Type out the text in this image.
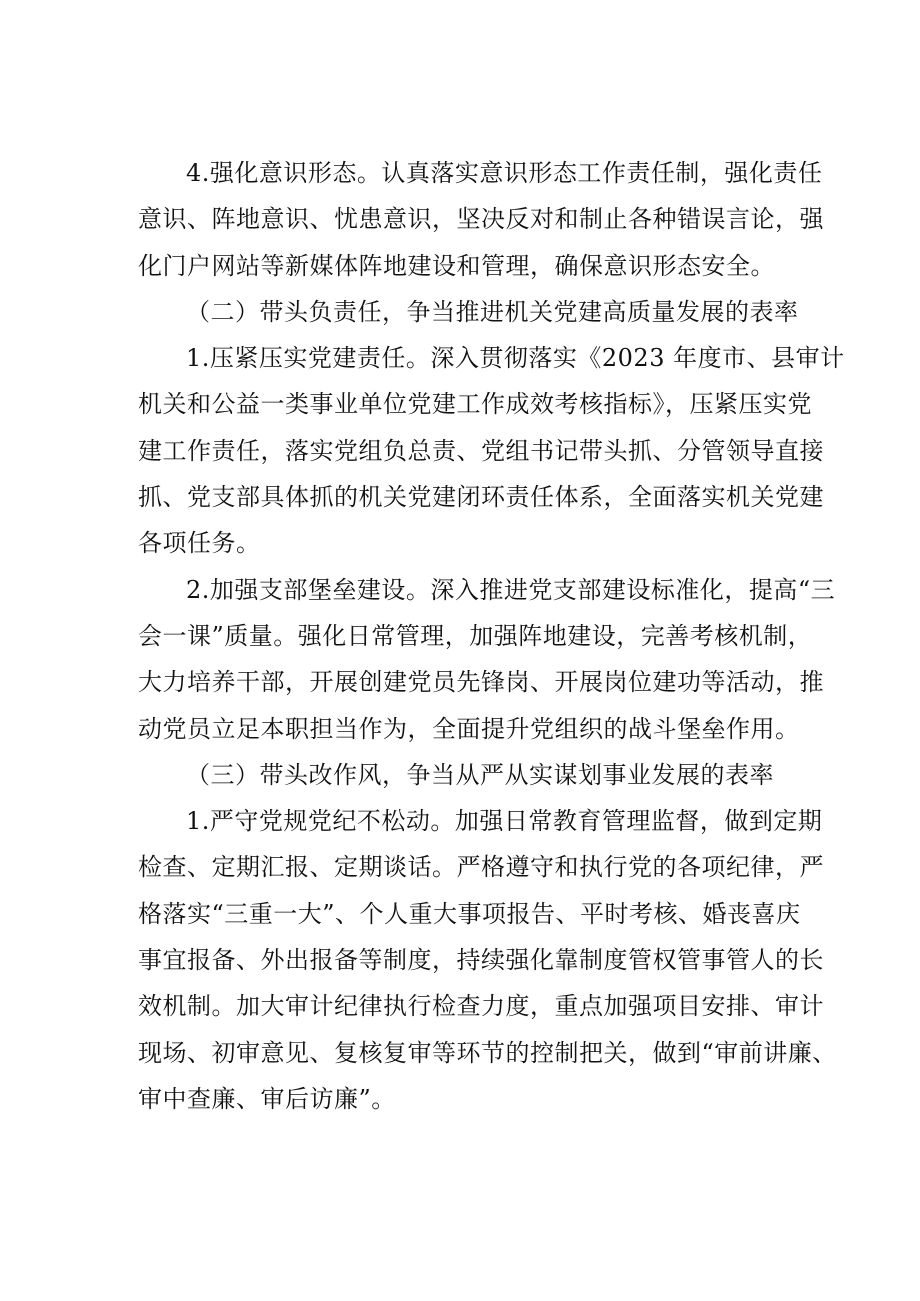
4.强化意识形态。认真落实意识形态工作责任制，强化责任
意识、阵地意识、忧患意识，坚决反对和制止各种错误言论，强
化门户网站等新媒体阵地建设和管理，确保意识形态安全。
（二）带头负责任，争当推进机关党建高质量发展的表率
1.压紧压实党建责任。深入贯彻落实《2023 年度市、县审计
机关和公益一类事业单位党建工作成效考核指标》，压紧压实党
建工作责任，落实党组负总责、党组书记带头抓、分管领导直接
抓、党支部具体抓的机关党建闭环责任体系，全面落实机关党建
各项任务。
2.加强支部堡垒建设。深入推进党支部建设标准化，提高“三
会一课”质量。强化日常管理，加强阵地建设，完善考核机制，
大力培养干部，开展创建党员先锋岗、开展岗位建功等活动，推
动党员立足本职担当作为，全面提升党组织的战斗堡垒作用。
（三）带头改作风，争当从严从实谋划事业发展的表率
1.严守党规党纪不松动。加强日常教育管理监督，做到定期
检查、定期汇报、定期谈话。严格遵守和执行党的各项纪律，严
格落实“三重一大”、个人重大事项报告、平时考核、婚丧喜庆
事宜报备、外出报备等制度，持续强化靠制度管权管事管人的长
效机制。加大审计纪律执行检查力度，重点加强项目安排、审计
现场、初审意见、复核复审等环节的控制把关，做到“审前讲廉、
审中查廉、审后访廉”。
